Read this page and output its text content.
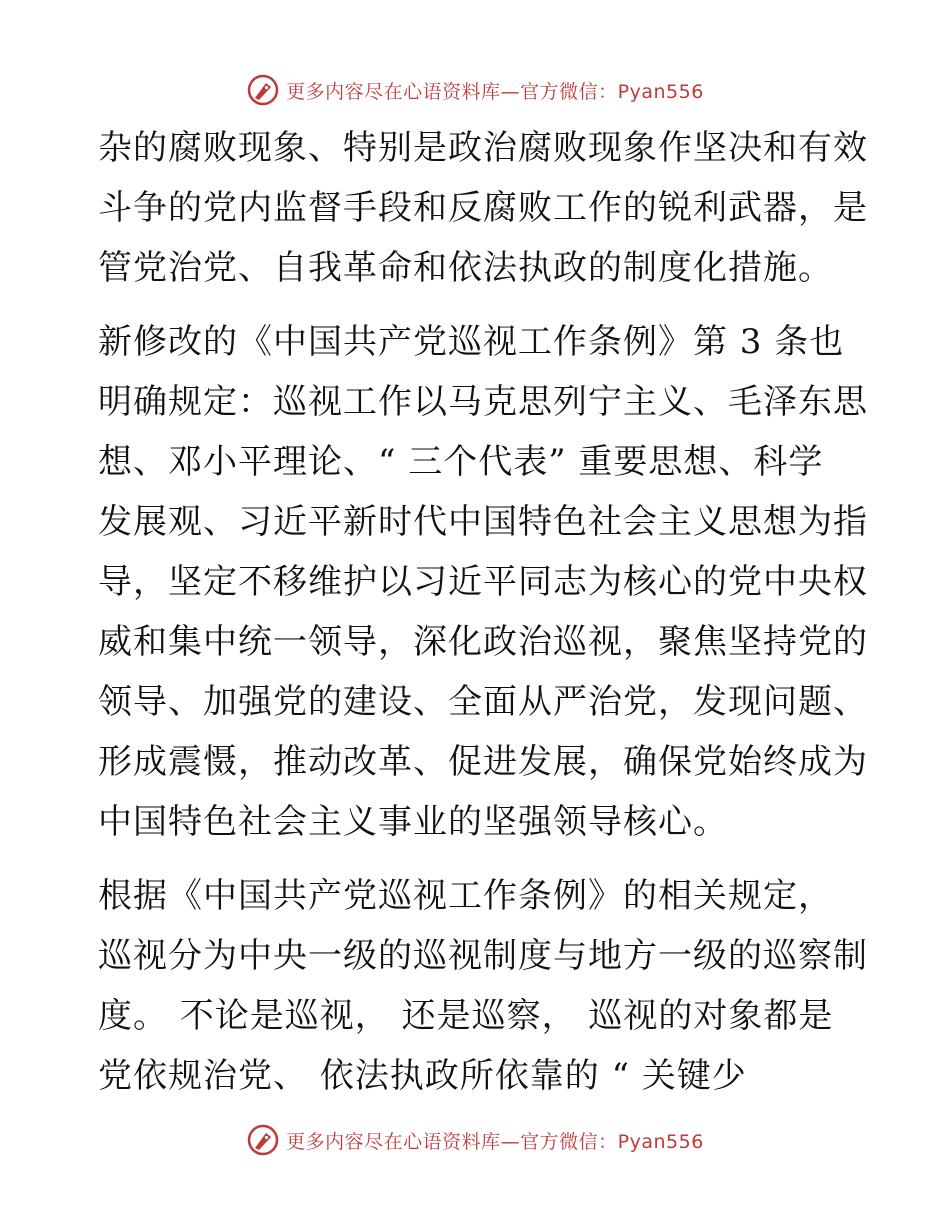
更多内容尽在心语资料库—官方微信：Pyan556
杂的腐败现象、特别是政治腐败现象作坚决和有效
斗争的党内监督手段和反腐败工作的锐利武器，是
管党治党、自我革命和依法执政的制度化措施。
新修改的《中国共产党巡视工作条例》第 3 条也
明确规定：巡视工作以马克思列宁主义、毛泽东思
想、邓小平理论、“ 三个代表” 重要思想、科学
发展观、习近平新时代中国特色社会主义思想为指
导，坚定不移维护以习近平同志为核心的党中央权
威和集中统一领导，深化政治巡视，聚焦坚持党的
领导、加强党的建设、全面从严治党，发现问题、
形成震慑，推动改革、促进发展，确保党始终成为
中国特色社会主义事业的坚强领导核心。
根据《中国共产党巡视工作条例》的相关规定，
巡视分为中央一级的巡视制度与地方一级的巡察制
度。 不论是巡视， 还是巡察， 巡视的对象都是
党依规治党、 依法执政所依靠的 “ 关键少
更多内容尽在心语资料库—官方微信：Pyan556
